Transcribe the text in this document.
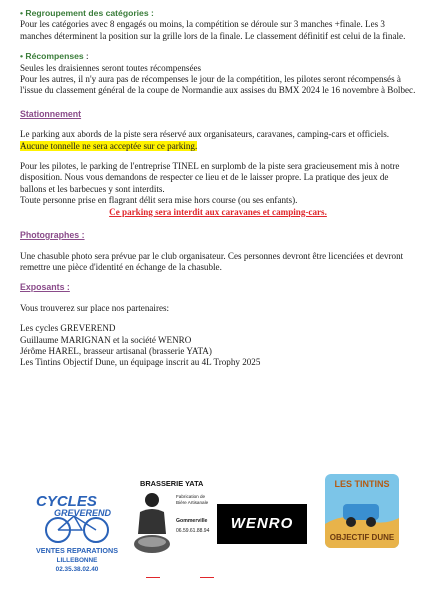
• Regroupement des catégories :

Pour les catégories avec 8 engagés ou moins, la compétition se déroule sur 3 manches +finale. Les 3 manches déterminent la position sur la grille lors de la finale. Le classement définitif est celui de la finale.

• Récompenses :

Seules les draisiennes seront toutes récompensées

Pour les autres, il n'y aura pas de récompenses le jour de la compétition, les pilotes seront récompensés à l'issue du classement général de la coupe de Normandie aux assises du BMX 2024 le 16 novembre à Bolbec.

Stationnement

Le parking aux abords de la piste sera réservé aux organisateurs, caravanes, camping-cars et officiels. Aucune tonnelle ne sera acceptée sur ce parking.

Pour les pilotes, le parking de l'entreprise TINEL en surplomb de la piste sera gracieusement mis à notre disposition. Nous vous demandons de respecter ce lieu et de le laisser propre. La pratique des jeux de ballons et les barbecues y sont interdits.

Toute personne prise en flagrant délit sera mise hors course (ou ses enfants).

Ce parking sera interdit aux caravanes et camping-cars.
Photographes :

Une chasuble photo sera prévue par le club organisateur. Ces personnes devront être licenciées et devront remettre une pièce d'identité en échange de la chasuble.

Exposants :

Vous trouverez sur place nos partenaires:

Les cycles GREVEREND

Guillaume MARIGNAN et la société WENRO

Jérôme HAREL, brasseur artisanal (brasserie YATA)

Les Tintins Objectif Dune, un équipage inscrit au 4L Trophy 2025

CYCLES
GREVEREND
VENTES REPARATIONS
LILLEBONNE 02.35.38.02.40
BRASSERIE YATA
Fabrication de Bière Artisanale
Gommerville
06.59.61.88.94 WENRO
LES TINTINS
OBJECTIF DUNE
